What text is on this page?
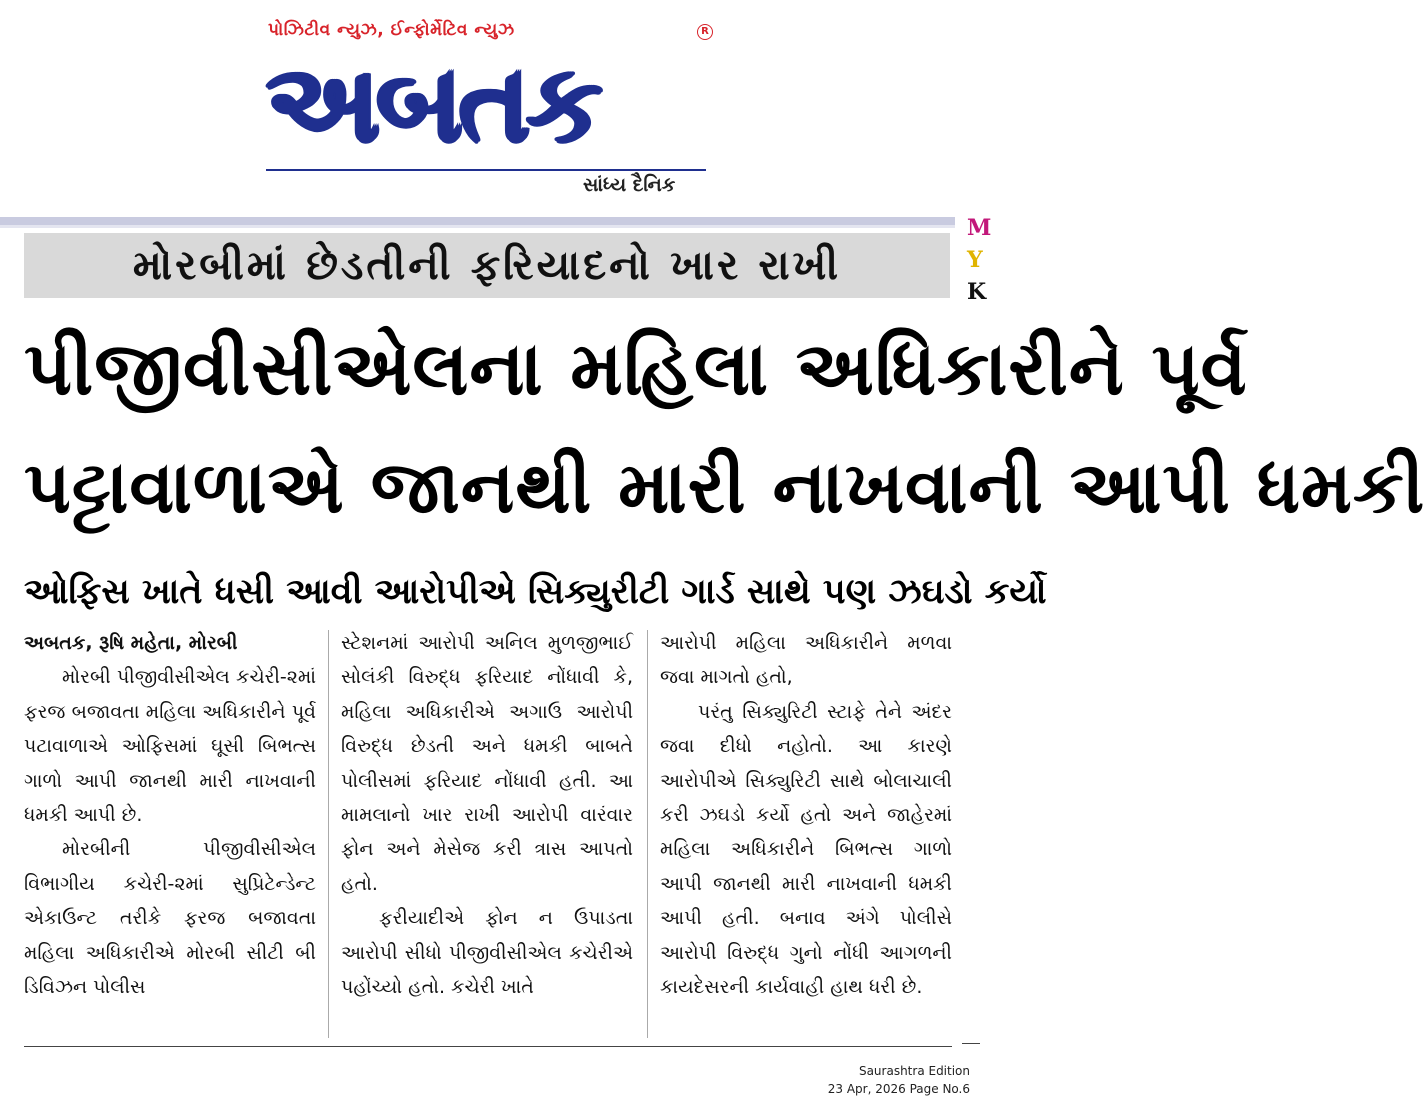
પોઝિટીવ ન્યુઝ, ઈન્ફોર્મેટિવ ન્યુઝ	R
અબતક
સાંધ્ય દૈનિક
M
Y
K
મોરબીમાં છેડતીની ફરિયાદનો ખાર રાખી
પીજીવીસીએલના મહિલા અધિકારીને પૂર્વ
પટ્ટાવાળાએ જાનથી મારી નાખવાની આપી ધમકી
ઓફિસ ખાતે ધસી આવી આરોપીએ સિક્યુરીટી ગાર્ડ સાથે પણ ઝઘડો કર્યો

અબતક, રૂષિ મહેતા, મોરબી

મોરબી પીજીવીસીએલ કચેરી-૨માં ફરજ બજાવતા મહિલા અધિકારીને પૂર્વ પટાવાળાએ ઓફિસમાં ઘૂસી બિભત્સ ગાળો આપી જાનથી મારી નાખવાની ધમકી આપી છે.

મોરબીની પીજીવીસીએલ વિભાગીય કચેરી-૨માં સુપ્રિટેન્ડેન્ટ એકાઉન્ટ તરીકે ફરજ બજાવતા મહિલા અધિકારીએ મોરબી સીટી બી ડિવિઝન પોલીસ

સ્ટેશનમાં આરોપી અનિલ મુળજીભાઈ સોલંકી વિરુદ્ધ ફરિયાદ નોંધાવી કે, મહિલા અધિકારીએ અગાઉ આરોપી વિરુદ્ધ છેડતી અને ધમકી બાબતે પોલીસમાં ફરિયાદ નોંધાવી હતી. આ મામલાનો ખાર રાખી આરોપી વારંવાર ફોન અને મેસેજ કરી ત્રાસ આપતો હતો.

ફરીયાદીએ ફોન ન ઉપાડતા આરોપી સીધો પીજીવીસીએલ કચેરીએ પહોંચ્યો હતો. કચેરી ખાતે

આરોપી મહિલા અધિકારીને મળવા જવા માગતો હતો,

પરંતુ સિક્યુરિટી સ્ટાફે તેને અંદર જવા દીધો નહોતો. આ કારણે આરોપીએ સિક્યુરિટી સાથે બોલાચાલી કરી ઝઘડો કર્યો હતો અને જાહેરમાં મહિલા અધિકારીને બિભત્સ ગાળો આપી જાનથી મારી નાખવાની ધમકી આપી હતી. બનાવ અંગે પોલીસે આરોપી વિરુદ્ધ ગુનો નોંધી આગળની કાયદેસરની કાર્યવાહી હાથ ધરી છે.

Saurashtra Edition
23 Apr, 2026 Page No.6
